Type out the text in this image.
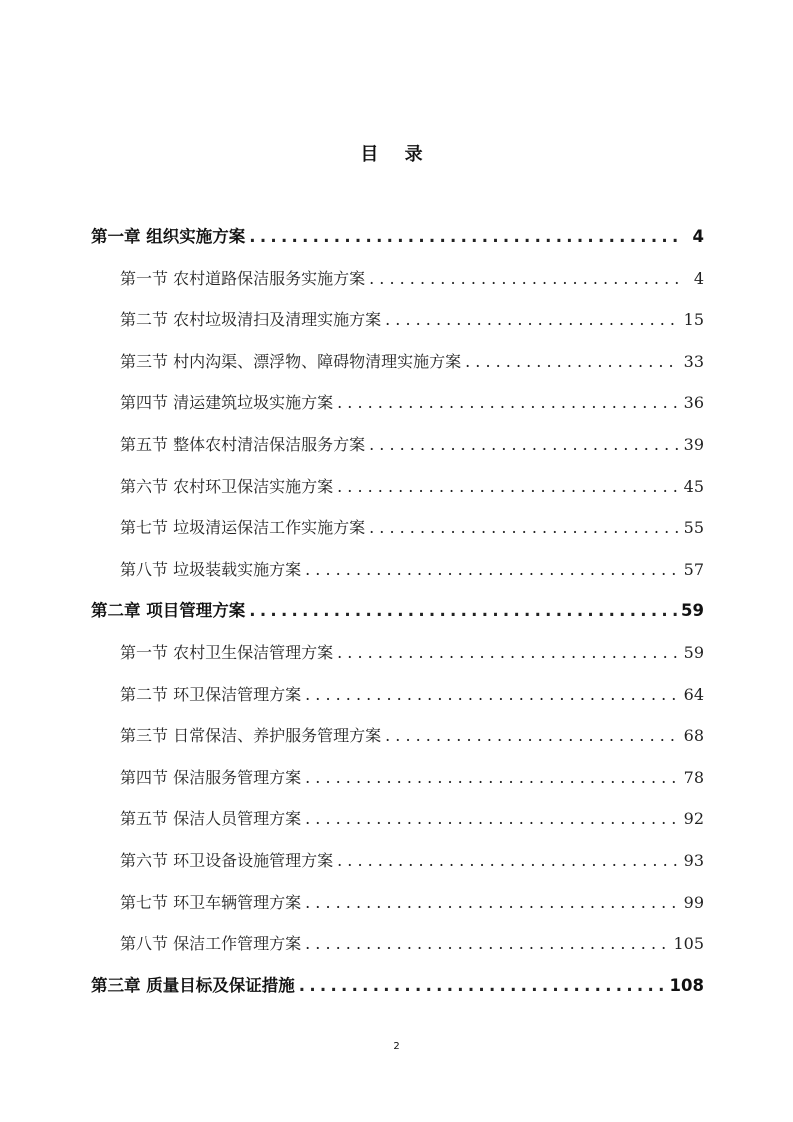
目 录
第一章 组织实施方案 .....	4
第一节 农村道路保洁服务实施方案 . . .	4
第二节 农村垃圾清扫及清理实施方案 . . .	15
第三节 村内沟渠、漂浮物、障碍物清理实施方案 . . .	33
第四节 清运建筑垃圾实施方案 . . .	36
第五节 整体农村清洁保洁服务方案 . . .	39
第六节 农村环卫保洁实施方案 . . .	45
第七节 垃圾清运保洁工作实施方案 . . .	55
第八节 垃圾装载实施方案 . . .	57
第二章 项目管理方案 .....	59
第一节 农村卫生保洁管理方案 . . .	59
第二节 环卫保洁管理方案 . . .	64
第三节 日常保洁、养护服务管理方案 . . .	68
第四节 保洁服务管理方案 . . .	78
第五节 保洁人员管理方案 . . .	92
第六节 环卫设备设施管理方案 . . .	93
第七节 环卫车辆管理方案 . . .	99
第八节 保洁工作管理方案 . . .	105
第三章 质量目标及保证措施 .....	108
2
